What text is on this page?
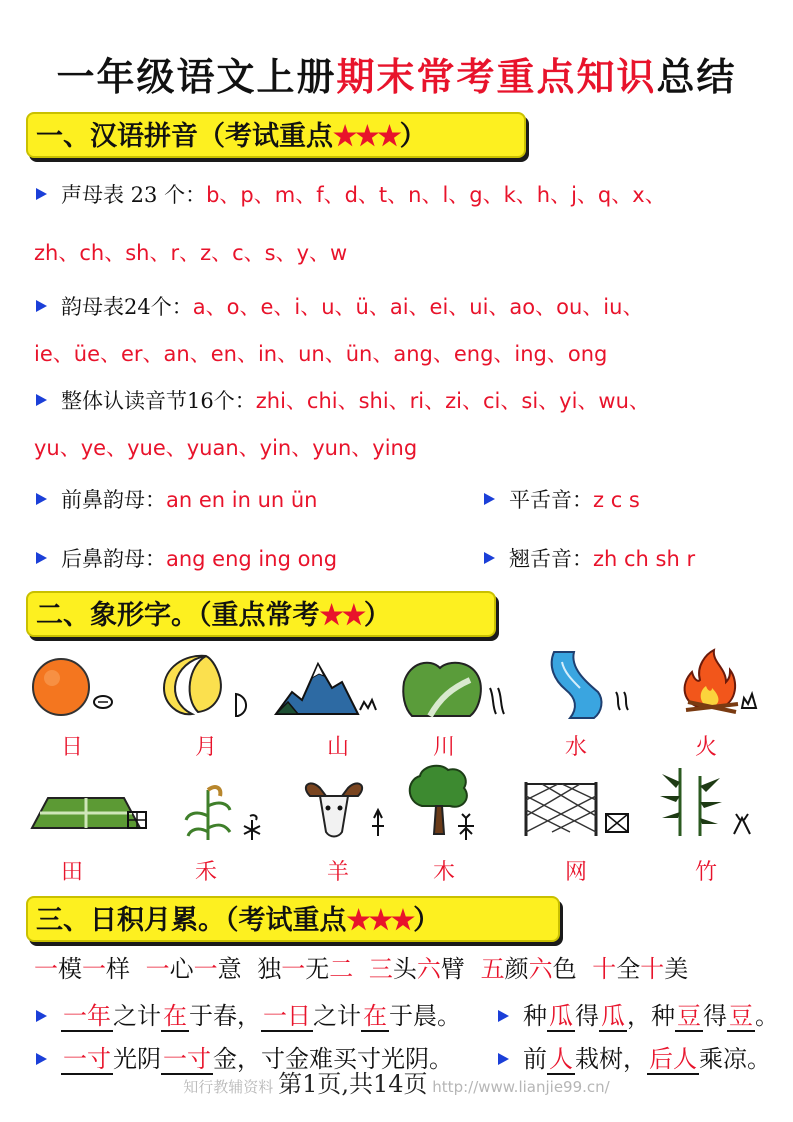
一年级语文上册期末常考重点知识总结
一、汉语拼音（考试重点★★★）
声母表 23 个：b、p、m、f、d、t、n、l、g、k、h、j、q、x、
zh、ch、sh、r、z、c、s、y、w
韵母表24个：a、o、e、i、u、ü、ai、ei、ui、ao、ou、iu、
ie、üe、er、an、en、in、un、ün、ang、eng、ing、ong
整体认读音节16个：zhi、chi、shi、ri、zi、ci、si、yi、wu、
yu、ye、yue、yuan、yin、yun、ying
前鼻韵母：an en in un ün	平舌音：z c s
后鼻韵母：ang eng ing ong	翘舌音：zh ch sh r
二、象形字。（重点常考★★）
日	月	山	川	水	火
田	禾	羊	木	网	竹
三、日积月累。（考试重点★★★）
一模一样 一心一意 独一无二 三头六臂 五颜六色 十全十美
一年之计在于春，一日之计在于晨。	种瓜得瓜，种豆得豆。
一寸光阴一寸金，寸金难买寸光阴。	前人栽树，后人乘凉。
知行教辅资料 第1页,共14页 http://www.lianjie99.cn/
